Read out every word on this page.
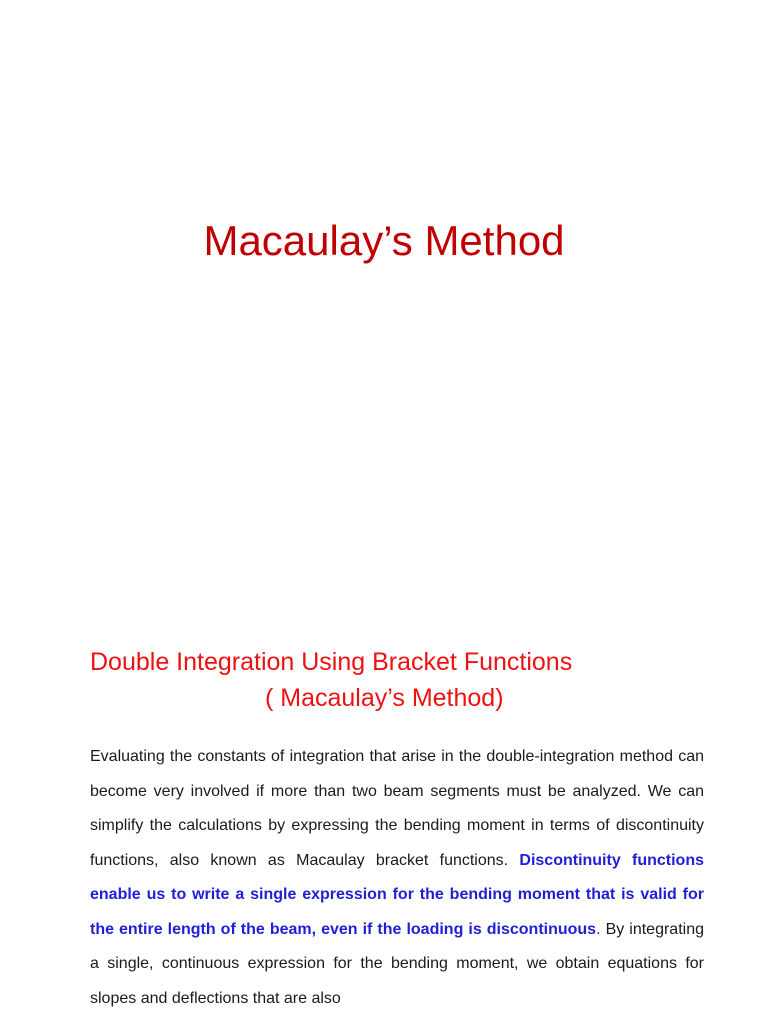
Macaulay’s Method
Double Integration Using Bracket Functions
( Macaulay’s Method)

Evaluating the constants of integration that arise in the double-integration method can become very involved if more than two beam segments must be analyzed. We can simplify the calculations by expressing the bending moment in terms of discontinuity functions, also known as Macaulay bracket functions. Discontinuity functions enable us to write a single expression for the bending moment that is valid for the entire length of the beam, even if the loading is discontinuous. By integrating a single, continuous expression for the bending moment, we obtain equations for slopes and deflections that are also
